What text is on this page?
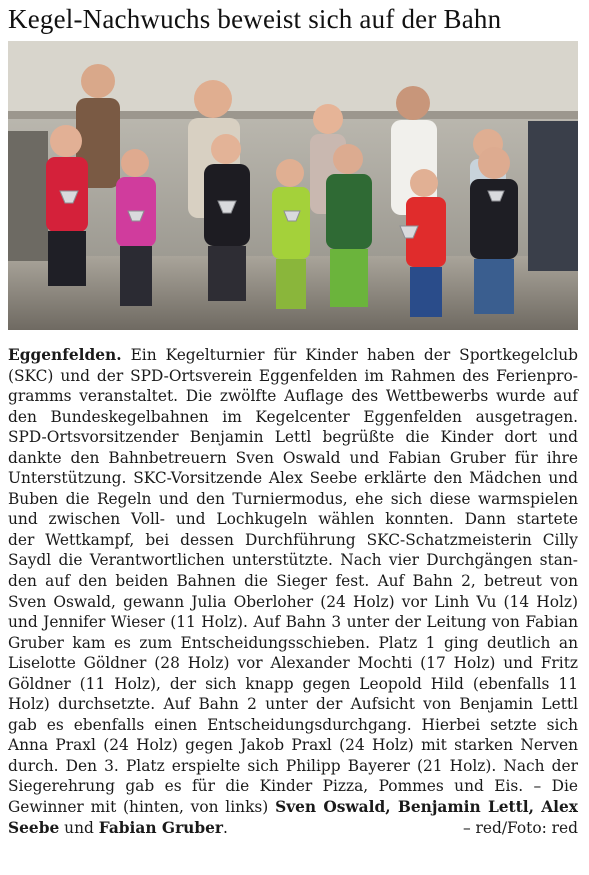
Kegel-Nachwuchs beweist sich auf der Bahn
Eggenfelden. Ein Kegelturnier für Kinder haben der Sportkegelclub
(SKC) und der SPD-Ortsverein Eggenfelden im Rahmen des Ferienpro-
gramms veranstaltet. Die zwölfte Auflage des Wettbewerbs wurde auf
den Bundeskegelbahnen im Kegelcenter Eggenfelden ausgetragen.
SPD-Ortsvorsitzender Benjamin Lettl begrüßte die Kinder dort und
dankte den Bahnbetreuern Sven Oswald und Fabian Gruber für ihre
Unterstützung. SKC-Vorsitzende Alex Seebe erklärte den Mädchen und
Buben die Regeln und den Turniermodus, ehe sich diese warmspielen
und zwischen Voll- und Lochkugeln wählen konnten. Dann startete
der Wettkampf, bei dessen Durchführung SKC-Schatzmeisterin Cilly
Saydl die Verantwortlichen unterstützte. Nach vier Durchgängen stan-
den auf den beiden Bahnen die Sieger fest. Auf Bahn 2, betreut von
Sven Oswald, gewann Julia Oberloher (24 Holz) vor Linh Vu (14 Holz)
und Jennifer Wieser (11 Holz). Auf Bahn 3 unter der Leitung von Fabian
Gruber kam es zum Entscheidungsschieben. Platz 1 ging deutlich an
Liselotte Göldner (28 Holz) vor Alexander Mochti (17 Holz) und Fritz
Göldner (11 Holz), der sich knapp gegen Leopold Hild (ebenfalls 11
Holz) durchsetzte. Auf Bahn 2 unter der Aufsicht von Benjamin Lettl
gab es ebenfalls einen Entscheidungsdurchgang. Hierbei setzte sich
Anna Praxl (24 Holz) gegen Jakob Praxl (24 Holz) mit starken Nerven
durch. Den 3. Platz erspielte sich Philipp Bayerer (21 Holz). Nach der
Siegerehrung gab es für die Kinder Pizza, Pommes und Eis. – Die
Gewinner mit (hinten, von links) Sven Oswald, Benjamin Lettl, Alex
Seebe und Fabian Gruber.	– red/Foto: red
